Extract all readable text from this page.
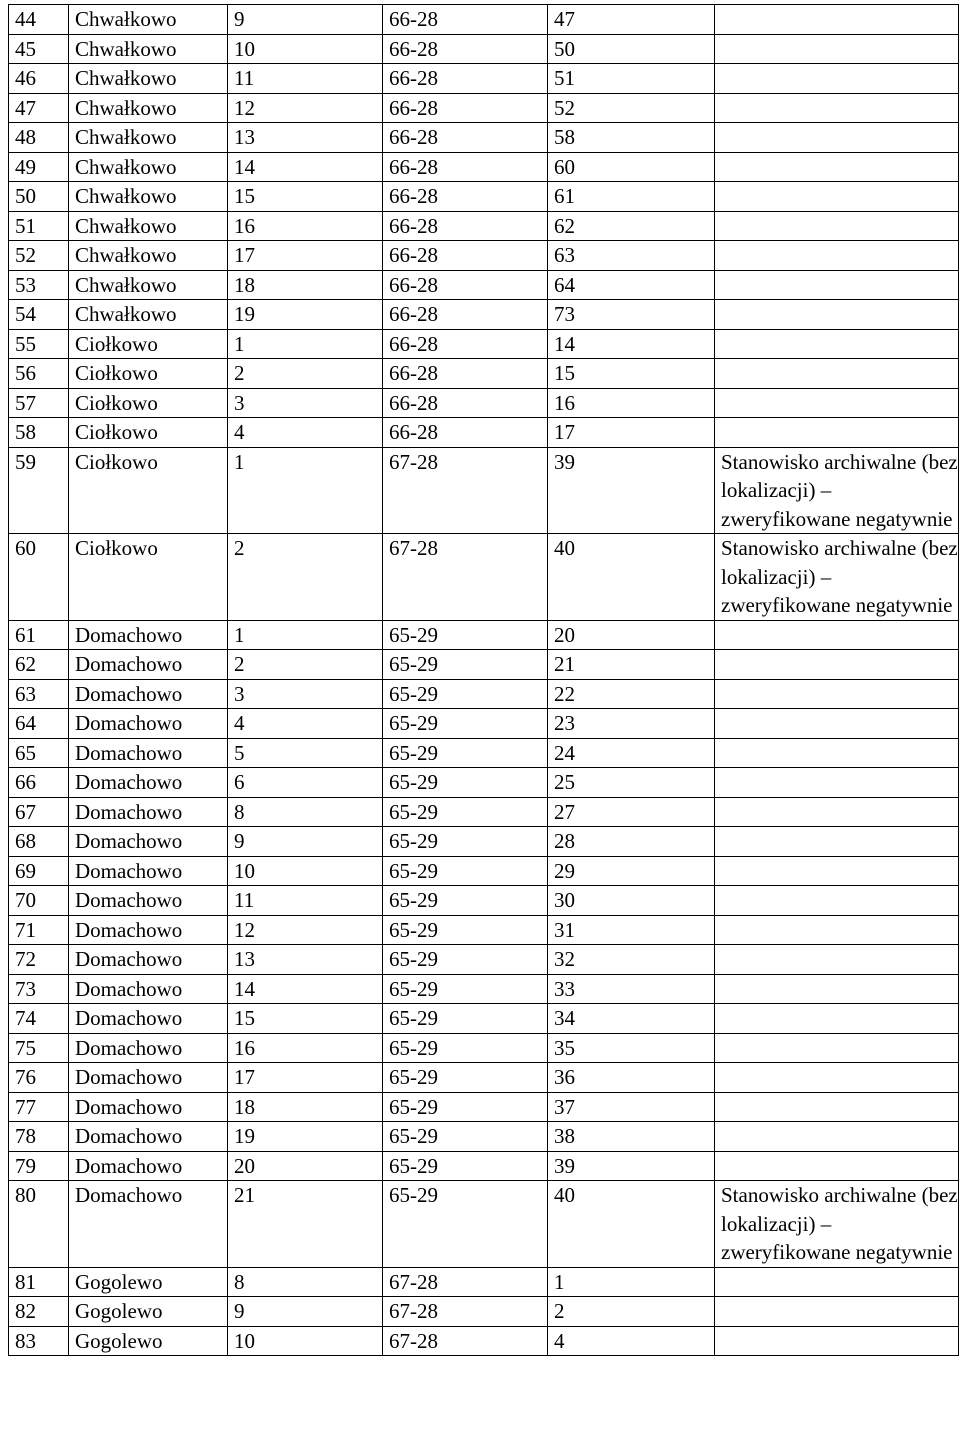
44	Chwałkowo	9	66-28	47	
45	Chwałkowo	10	66-28	50	
46	Chwałkowo	11	66-28	51	
47	Chwałkowo	12	66-28	52	
48	Chwałkowo	13	66-28	58	
49	Chwałkowo	14	66-28	60	
50	Chwałkowo	15	66-28	61	
51	Chwałkowo	16	66-28	62	
52	Chwałkowo	17	66-28	63	
53	Chwałkowo	18	66-28	64	
54	Chwałkowo	19	66-28	73	
55	Ciołkowo	1	66-28	14	
56	Ciołkowo	2	66-28	15	
57	Ciołkowo	3	66-28	16	
58	Ciołkowo	4	66-28	17	
59	Ciołkowo	1	67-28	39	Stanowisko archiwalne (bez lokalizacji) – zweryfikowane negatywnie
60	Ciołkowo	2	67-28	40	Stanowisko archiwalne (bez lokalizacji) – zweryfikowane negatywnie
61	Domachowo	1	65-29	20	
62	Domachowo	2	65-29	21	
63	Domachowo	3	65-29	22	
64	Domachowo	4	65-29	23	
65	Domachowo	5	65-29	24	
66	Domachowo	6	65-29	25	
67	Domachowo	8	65-29	27	
68	Domachowo	9	65-29	28	
69	Domachowo	10	65-29	29	
70	Domachowo	11	65-29	30	
71	Domachowo	12	65-29	31	
72	Domachowo	13	65-29	32	
73	Domachowo	14	65-29	33	
74	Domachowo	15	65-29	34	
75	Domachowo	16	65-29	35	
76	Domachowo	17	65-29	36	
77	Domachowo	18	65-29	37	
78	Domachowo	19	65-29	38	
79	Domachowo	20	65-29	39	
80	Domachowo	21	65-29	40	Stanowisko archiwalne (bez lokalizacji) – zweryfikowane negatywnie
81	Gogolewo	8	67-28	1	
82	Gogolewo	9	67-28	2	
83	Gogolewo	10	67-28	4	
